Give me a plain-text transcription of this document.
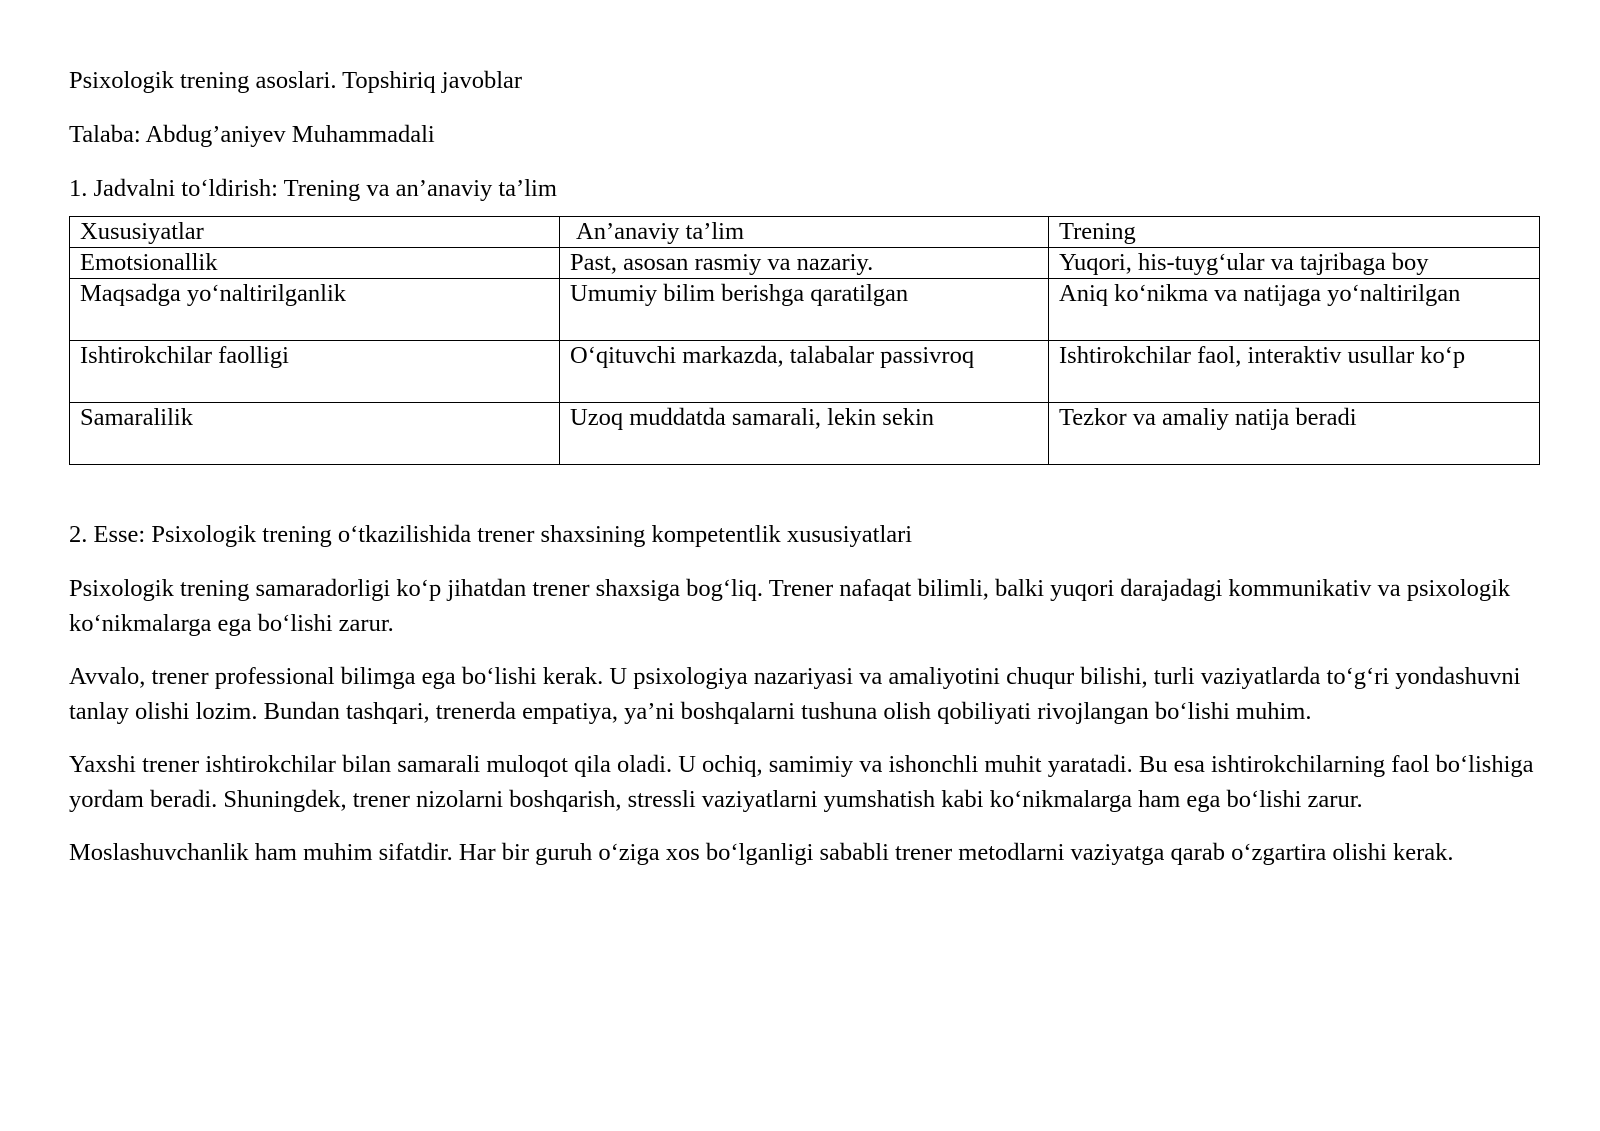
Psixologik trening asoslari. Topshiriq javoblar
Talaba: Abdug’aniyev Muhammadali
1. Jadvalni to‘ldirish: Trening va an’anaviy ta’lim
Xususiyatlar	An’anaviy ta’lim	Trening
Emotsionallik	Past, asosan rasmiy va nazariy.	Yuqori, his-tuyg‘ular va tajribaga boy
Maqsadga yo‘naltirilganlik	Umumiy bilim berishga qaratilgan	Aniq ko‘nikma va natijaga yo‘naltirilgan
Ishtirokchilar faolligi	O‘qituvchi markazda, talabalar passivroq	Ishtirokchilar faol, interaktiv usullar ko‘p
Samaralilik	Uzoq muddatda samarali, lekin sekin	Tezkor va amaliy natija beradi
2. Esse: Psixologik trening o‘tkazilishida trener shaxsining kompetentlik xususiyatlari

Psixologik trening samaradorligi ko‘p jihatdan trener shaxsiga bog‘liq. Trener nafaqat bilimli, balki yuqori darajadagi kommunikativ va psixologik ko‘nikmalarga ega bo‘lishi zarur.

Avvalo, trener professional bilimga ega bo‘lishi kerak. U psixologiya nazariyasi va amaliyotini chuqur bilishi, turli vaziyatlarda to‘g‘ri yondashuvni tanlay olishi lozim. Bundan tashqari, trenerda empatiya, ya’ni boshqalarni tushuna olish qobiliyati rivojlangan bo‘lishi muhim.

Yaxshi trener ishtirokchilar bilan samarali muloqot qila oladi. U ochiq, samimiy va ishonchli muhit yaratadi. Bu esa ishtirokchilarning faol bo‘lishiga yordam beradi. Shuningdek, trener nizolarni boshqarish, stressli vaziyatlarni yumshatish kabi ko‘nikmalarga ham ega bo‘lishi zarur.

Moslashuvchanlik ham muhim sifatdir. Har bir guruh o‘ziga xos bo‘lganligi sababli trener metodlarni vaziyatga qarab o‘zgartira olishi kerak.
